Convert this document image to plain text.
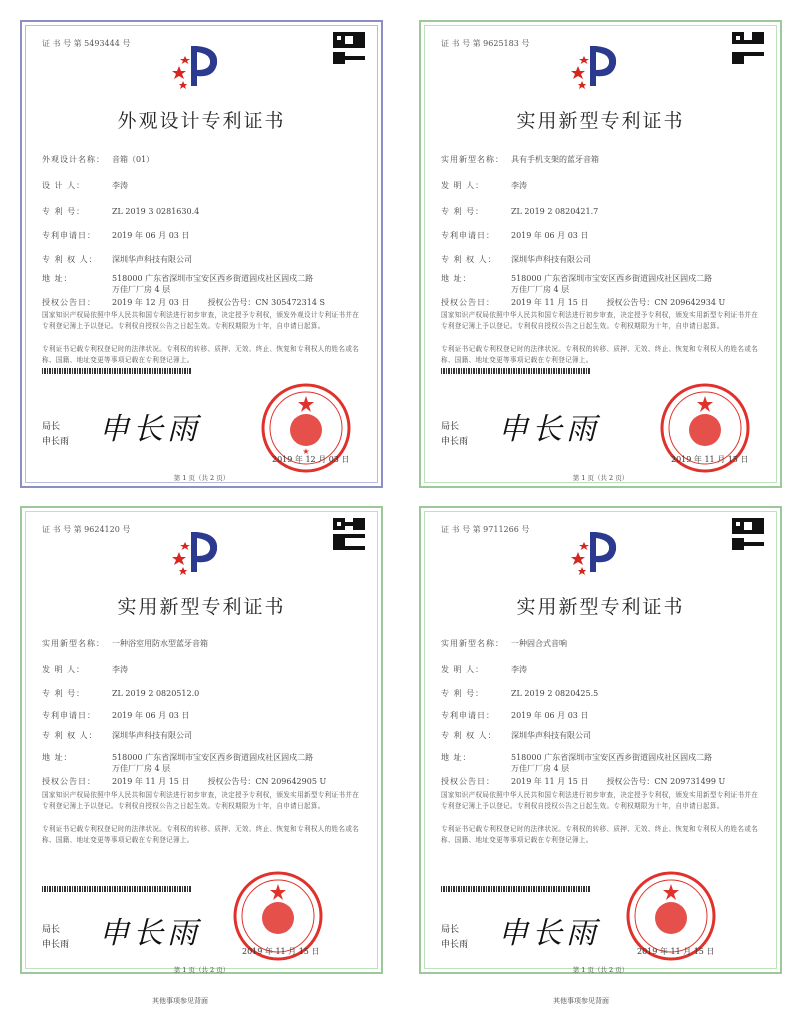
证 书 号 第 5493444 号
外观设计专利证书
外观设计名称： 音箱（01）
设 计 人：	李涛
专 利 号：	ZL 2019 3 0281630.4
专利申请日： 2019 年 06 月 03 日
专 利 权 人： 深圳华声科技有限公司
地 址：	518000 广东省深圳市宝安区西乡街道固戍社区固戍二路
万佳厂厂房 4 层
授权公告日： 2019 年 12 月 03 日 授权公告号：CN 305472314 S
国家知识产权局依照中华人民共和国专利法进行初步审查，决定授予专利权，颁发外观设计专利证书并在专利登记簿上予以登记。专利权自授权公告之日起生效。专利权期限为十年，自申请日起算。
专利证书记载专利权登记时的法律状况。专利权的转移、质押、无效、终止、恢复和专利权人的姓名或名称、国籍、地址变更等事项记载在专利登记簿上。
局长
申长雨 申长雨
★
2019 年 12 月 03 日
第 1 页（共 2 页）
证 书 号 第 9625183 号
实用新型专利证书
实用新型名称： 具有手机支架的蓝牙音箱
发 明 人：	李涛
专 利 号：	ZL 2019 2 0820421.7
专利申请日： 2019 年 06 月 03 日
专 利 权 人： 深圳华声科技有限公司
地 址：	518000 广东省深圳市宝安区西乡街道固戍社区固戍二路
万佳厂厂房 4 层
授权公告日： 2019 年 11 月 15 日 授权公告号：CN 209642934 U
国家知识产权局依照中华人民共和国专利法进行初步审查，决定授予专利权，颁发实用新型专利证书并在专利登记簿上予以登记。专利权自授权公告之日起生效。专利权期限为十年，自申请日起算。
专利证书记载专利权登记时的法律状况。专利权的转移、质押、无效、终止、恢复和专利权人的姓名或名称、国籍、地址变更等事项记载在专利登记簿上。
局长
申长雨 申长雨
2019 年 11 月 15 日
第 1 页（共 2 页）
证 书 号 第 9624120 号
实用新型专利证书
实用新型名称： 一种浴室用防水型蓝牙音箱
发 明 人：	李涛
专 利 号：	ZL 2019 2 0820512.0
专利申请日： 2019 年 06 月 03 日
专 利 权 人： 深圳华声科技有限公司
地 址：	518000 广东省深圳市宝安区西乡街道固戍社区固戍二路
万佳厂厂房 4 层
授权公告日： 2019 年 11 月 15 日 授权公告号：CN 209642905 U
国家知识产权局依照中华人民共和国专利法进行初步审查，决定授予专利权，颁发实用新型专利证书并在专利登记簿上予以登记。专利权自授权公告之日起生效。专利权期限为十年，自申请日起算。
专利证书记载专利权登记时的法律状况。专利权的转移、质押、无效、终止、恢复和专利权人的姓名或名称、国籍、地址变更等事项记载在专利登记簿上。
局长
申长雨 申长雨
2019 年 11 月 15 日
第 1 页（共 2 页）
证 书 号 第 9711266 号
实用新型专利证书
实用新型名称： 一种固合式音响
发 明 人：	李涛
专 利 号：	ZL 2019 2 0820425.5
专利申请日： 2019 年 06 月 03 日
专 利 权 人： 深圳华声科技有限公司
地 址：	518000 广东省深圳市宝安区西乡街道固戍社区固戍二路
万佳厂厂房 4 层
授权公告日： 2019 年 11 月 15 日 授权公告号：CN 209731499 U
国家知识产权局依照中华人民共和国专利法进行初步审查，决定授予专利权，颁发实用新型专利证书并在专利登记簿上予以登记。专利权自授权公告之日起生效。专利权期限为十年，自申请日起算。
专利证书记载专利权登记时的法律状况。专利权的转移、质押、无效、终止、恢复和专利权人的姓名或名称、国籍、地址变更等事项记载在专利登记簿上。
局长
申长雨 申长雨
2019 年 11 月 15 日
第 1 页（共 2 页）
其他事项参见背面	其他事项参见背面
